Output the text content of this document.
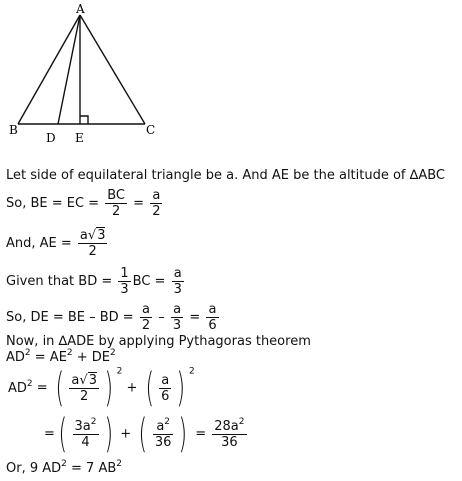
A
B	C
D E
Let side of equilateral triangle be a. And AE be the altitude of ∆ABC
So, BE = EC = $\frac{BC}{2} = \frac{a}{2}$
And, AE = $\frac{a√3}{2}$
Given that BD = $\frac{1}{3}$ BC = $\frac{a}{3}$
So, DE = BE – BD = $\frac{a}{2} - \frac{a}{3} = \frac{a}{6}$
Now, in ∆ADE by applying Pythagoras theorem
$AD^2 = AE^2 + DE^2$
$AD^2$ = ( $\frac{a√3}{2}$ ) $^2$ + ( $\frac{a}{6}$ ) $^2$
=( $\frac{3a^2}{4}$ ) + ( $\frac{a^2}{36}$ ) = $\frac{28a^2}{36}$
Or, 9 $AD^2 = 7$ $AB^2$
